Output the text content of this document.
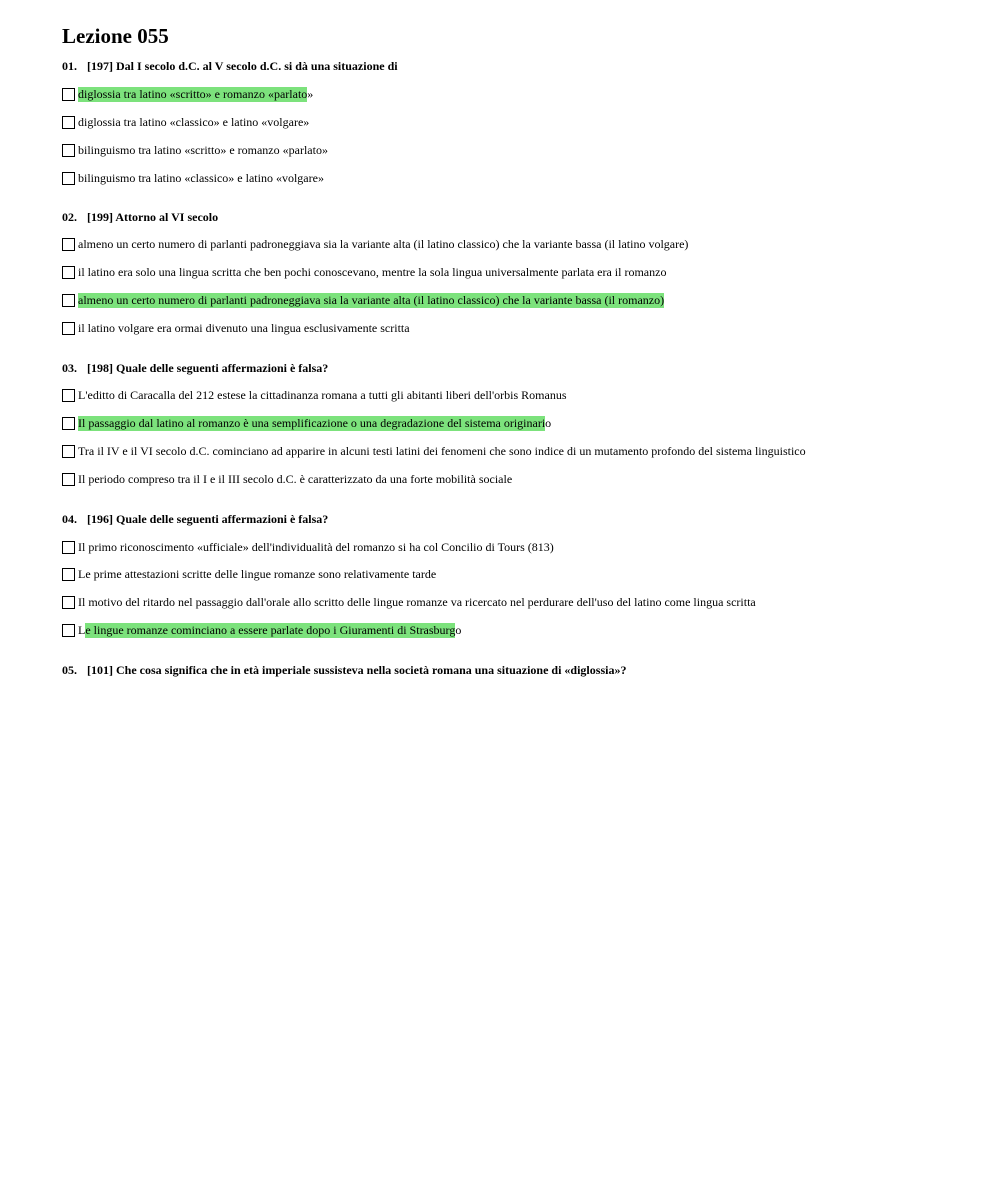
Lezione 055
01. [197] Dal I secolo d.C. al V secolo d.C. si dà una situazione di
diglossia tra latino «scritto» e romanzo «parlato »
diglossia tra latino «classico» e latino «volgare»
bilinguismo tra latino «scritto» e romanzo «parlato»
bilinguismo tra latino «classico» e latino «volgare»
02. [199] Attorno al VI secolo
almeno un certo numero di parlanti padroneggiava sia la variante alta (il latino classico) che la variante bassa (il latino volgare)
il latino era solo una lingua scritta che ben pochi conoscevano, mentre la sola lingua universalmente parlata era il romanzo
almeno un certo numero di parlanti padroneggiava sia la variante alta (il latino classico) che la variante bassa (il romanzo)
il latino volgare era ormai divenuto una lingua esclusivamente scritta
03. [198] Quale delle seguenti affermazioni è falsa?
L'editto di Caracalla del 212 estese la cittadinanza romana a tutti gli abitanti liberi dell'orbis Romanus
Il passaggio dal latino al romanzo è una semplificazione o una degradazione del sistema originari o
Tra il IV e il VI secolo d.C. cominciano ad apparire in alcuni testi latini dei fenomeni che sono indice di un mutamento profondo del sistema linguistico
Il periodo compreso tra il I e il III secolo d.C. è caratterizzato da una forte mobilità sociale
04. [196] Quale delle seguenti affermazioni è falsa?
Il primo riconoscimento «ufficiale» dell'individualità del romanzo si ha col Concilio di Tours (813)
Le prime attestazioni scritte delle lingue romanze sono relativamente tarde
Il motivo del ritardo nel passaggio dall'orale allo scritto delle lingue romanze va ricercato nel perdurare dell'uso del latino come lingua scritta
L e lingue romanze cominciano a essere parlate dopo i Giuramenti di Strasburg o
05. [101] Che cosa significa che in età imperiale sussisteva nella società romana una situazione di «diglossia»?
